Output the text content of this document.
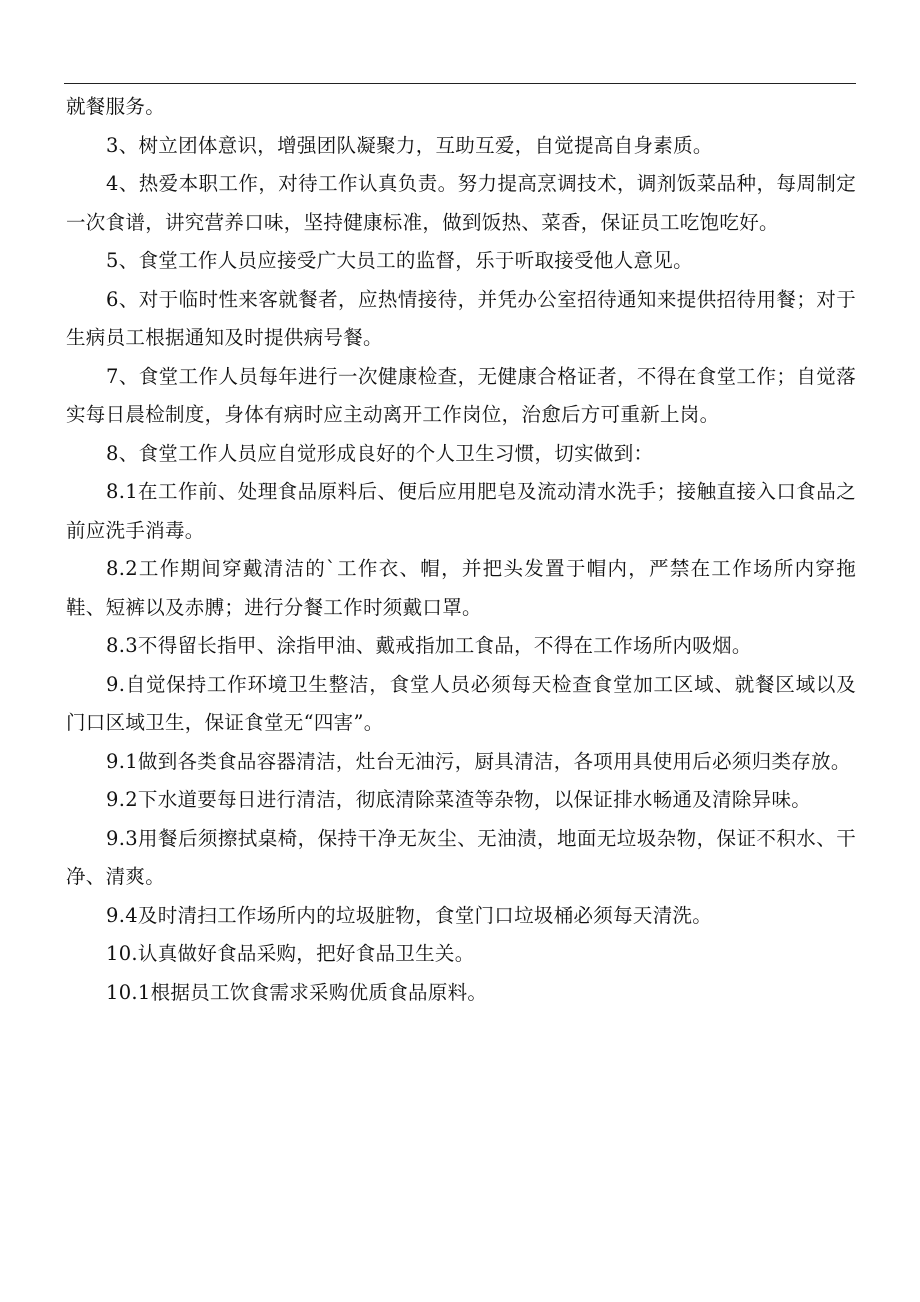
就餐服务。

3、树立团体意识，增强团队凝聚力，互助互爱，自觉提高自身素质。

4、热爱本职工作，对待工作认真负责。努力提高烹调技术，调剂饭菜品种，每周制定一次食谱，讲究营养口味，坚持健康标准，做到饭热、菜香，保证员工吃饱吃好。

5、食堂工作人员应接受广大员工的监督，乐于听取接受他人意见。

6、对于临时性来客就餐者，应热情接待，并凭办公室招待通知来提供招待用餐；对于生病员工根据通知及时提供病号餐。

7、食堂工作人员每年进行一次健康检查，无健康合格证者，不得在食堂工作；自觉落实每日晨检制度，身体有病时应主动离开工作岗位，治愈后方可重新上岗。

8、食堂工作人员应自觉形成良好的个人卫生习惯，切实做到：

8.1在工作前、处理食品原料后、便后应用肥皂及流动清水洗手；接触直接入口食品之前应洗手消毒。

8.2工作期间穿戴清洁的`工作衣、帽，并把头发置于帽内，严禁在工作场所内穿拖鞋、短裤以及赤膊；进行分餐工作时须戴口罩。

8.3不得留长指甲、涂指甲油、戴戒指加工食品，不得在工作场所内吸烟。

9.自觉保持工作环境卫生整洁，食堂人员必须每天检查食堂加工区域、就餐区域以及门口区域卫生，保证食堂无“四害”。

9.1做到各类食品容器清洁，灶台无油污，厨具清洁，各项用具使用后必须归类存放。

9.2下水道要每日进行清洁，彻底清除菜渣等杂物，以保证排水畅通及清除异味。

9.3用餐后须擦拭桌椅，保持干净无灰尘、无油渍，地面无垃圾杂物，保证不积水、干净、清爽。

9.4及时清扫工作场所内的垃圾脏物，食堂门口垃圾桶必须每天清洗。

10.认真做好食品采购，把好食品卫生关。

10.1根据员工饮食需求采购优质食品原料。
